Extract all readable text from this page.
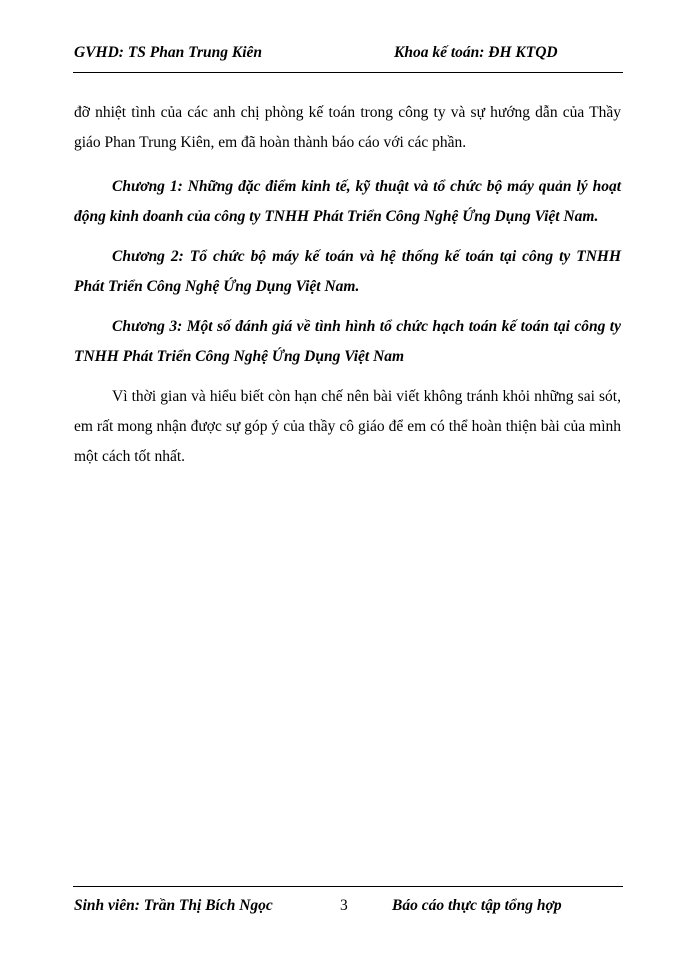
GVHD: TS Phan Trung Kiên	Khoa kế toán: ĐH KTQD

đỡ nhiệt tình của các anh chị phòng kế toán trong công ty và sự hướng dẫn của Thầy giáo Phan Trung Kiên, em đã hoàn thành báo cáo với các phần.

Chương 1: Những đặc điểm kinh tế, kỹ thuật và tổ chức bộ máy quản lý hoạt động kinh doanh của công ty TNHH Phát Triển Công Nghệ Ứng Dụng Việt Nam.

Chương 2: Tổ chức bộ máy kế toán và hệ thống kế toán tại công ty TNHH Phát Triển Công Nghệ Ứng Dụng Việt Nam.

Chương 3: Một số đánh giá về tình hình tổ chức hạch toán kế toán tại công ty TNHH Phát Triển Công Nghệ Ứng Dụng Việt Nam

Vì thời gian và hiểu biết còn hạn chế nên bài viết không tránh khỏi những sai sót, em rất mong nhận được sự góp ý của thầy cô giáo để em có thể hoàn thiện bài của mình một cách tốt nhất.

Sinh viên: Trần Thị Bích Ngọc	3	Báo cáo thực tập tổng hợp
